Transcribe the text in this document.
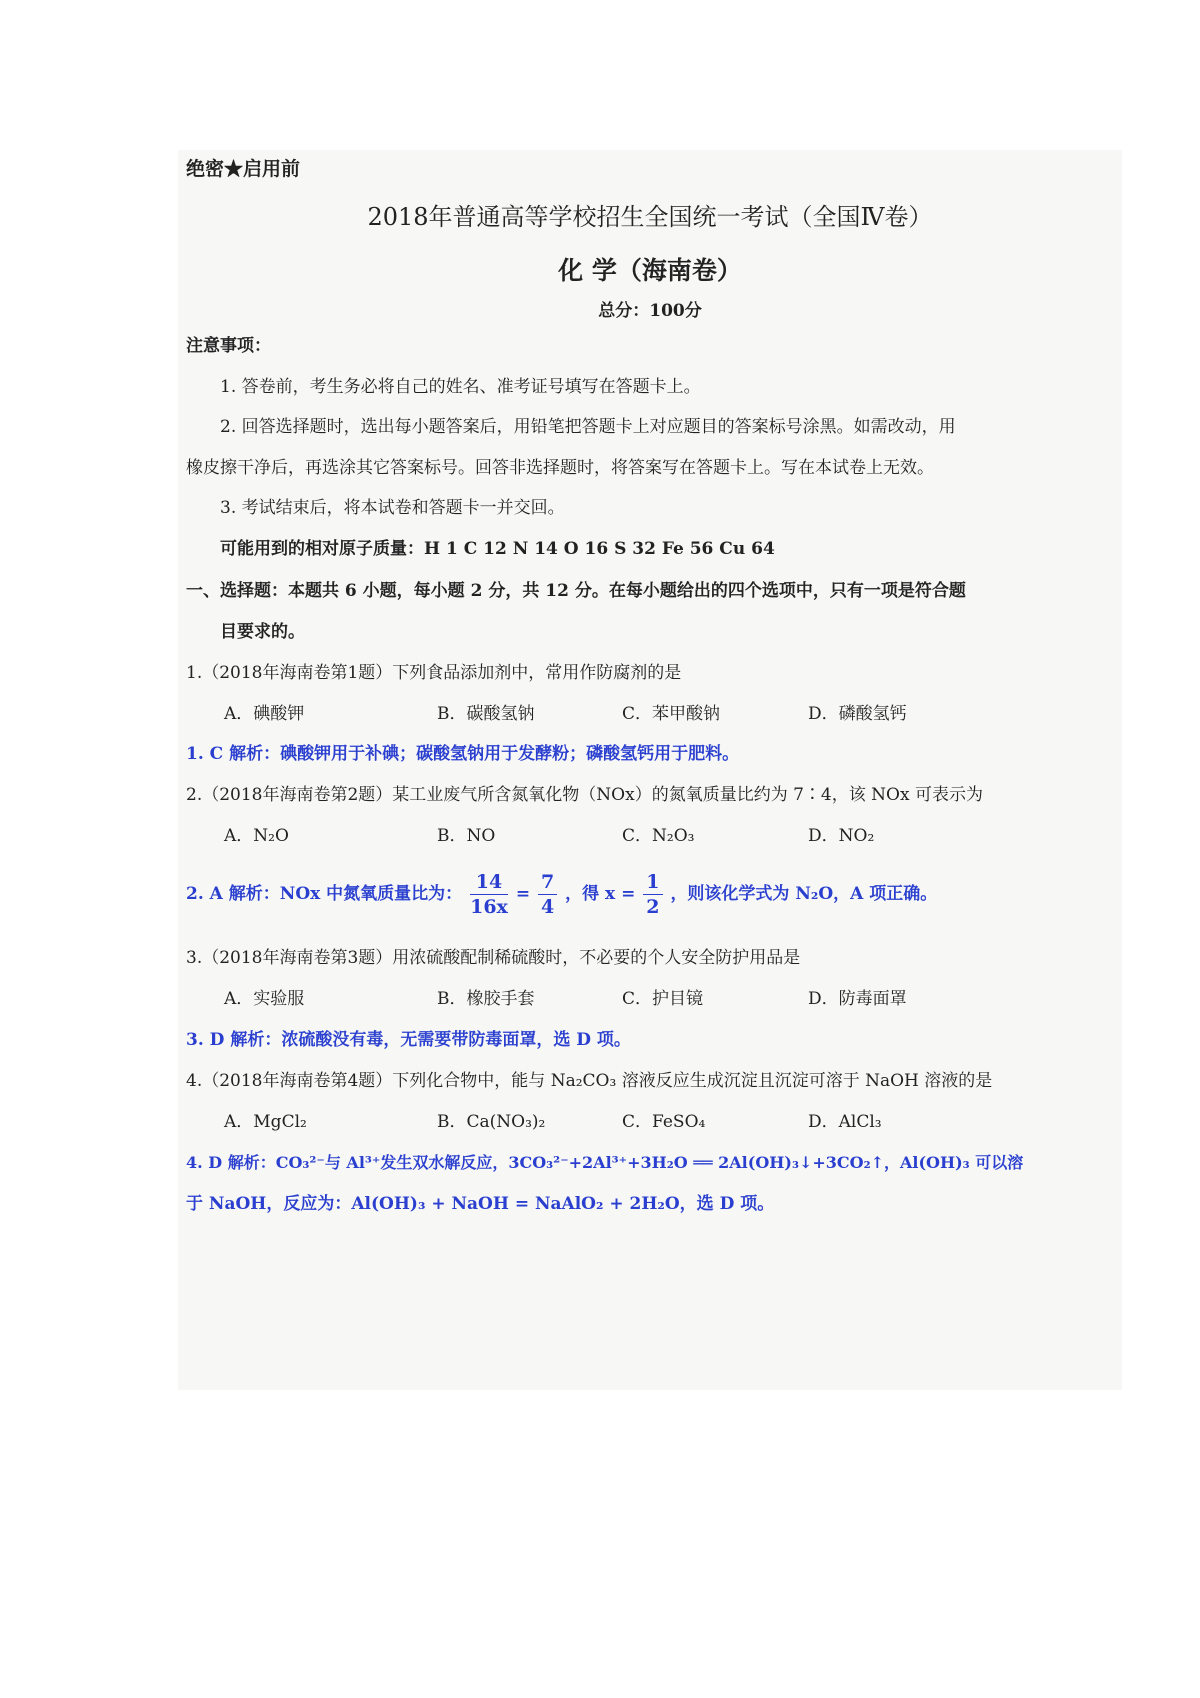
绝密★启用前
2018年普通高等学校招生全国统一考试（全国Ⅳ卷）
化 学（海南卷）
总分：100分
注意事项：
1. 答卷前，考生务必将自己的姓名、准考证号填写在答题卡上。
2. 回答选择题时，选出每小题答案后，用铅笔把答题卡上对应题目的答案标号涂黑。如需改动，用
橡皮擦干净后，再选涂其它答案标号。回答非选择题时，将答案写在答题卡上。写在本试卷上无效。
3. 考试结束后，将本试卷和答题卡一并交回。
可能用到的相对原子质量：H 1 C 12 N 14 O 16 S 32 Fe 56 Cu 64
一、选择题：本题共 6 小题，每小题 2 分，共 12 分。在每小题给出的四个选项中，只有一项是符合题
目要求的。
1.（2018年海南卷第1题）下列食品添加剂中，常用作防腐剂的是
A．碘酸钾	B．碳酸氢钠	C．苯甲酸钠	D．磷酸氢钙
1. C 解析：碘酸钾用于补碘；碳酸氢钠用于发酵粉；磷酸氢钙用于肥料。
2.（2018年海南卷第2题）某工业废气所含氮氧化物（NOx）的氮氧质量比约为 7∶4，该 NOx 可表示为
A．N₂O	B．NO	C．N₂O₃	D．NO₂
2. A 解析：NOx 中氮氧质量比为： $\frac{14}{16x} = \frac{7}{4}$ ，得 $x = \frac{1}{2}$ ，则该化学式为 N₂O，A 项正确。
3.（2018年海南卷第3题）用浓硫酸配制稀硫酸时，不必要的个人安全防护用品是
A．实验服	B．橡胶手套	C．护目镜	D．防毒面罩
3. D 解析：浓硫酸没有毒，无需要带防毒面罩，选 D 项。
4.（2018年海南卷第4题）下列化合物中，能与 Na₂CO₃ 溶液反应生成沉淀且沉淀可溶于 NaOH 溶液的是
A．MgCl₂	B．Ca(NO₃)₂	C．FeSO₄	D．AlCl₃
4. D 解析：CO₃²⁻与 Al³⁺发生双水解反应，3CO₃²⁻+2Al³⁺+3H₂O ══ 2Al(OH)₃↓+3CO₂↑，Al(OH)₃ 可以溶
于 NaOH，反应为：Al(OH)₃ + NaOH = NaAlO₂ + 2H₂O，选 D 项。
